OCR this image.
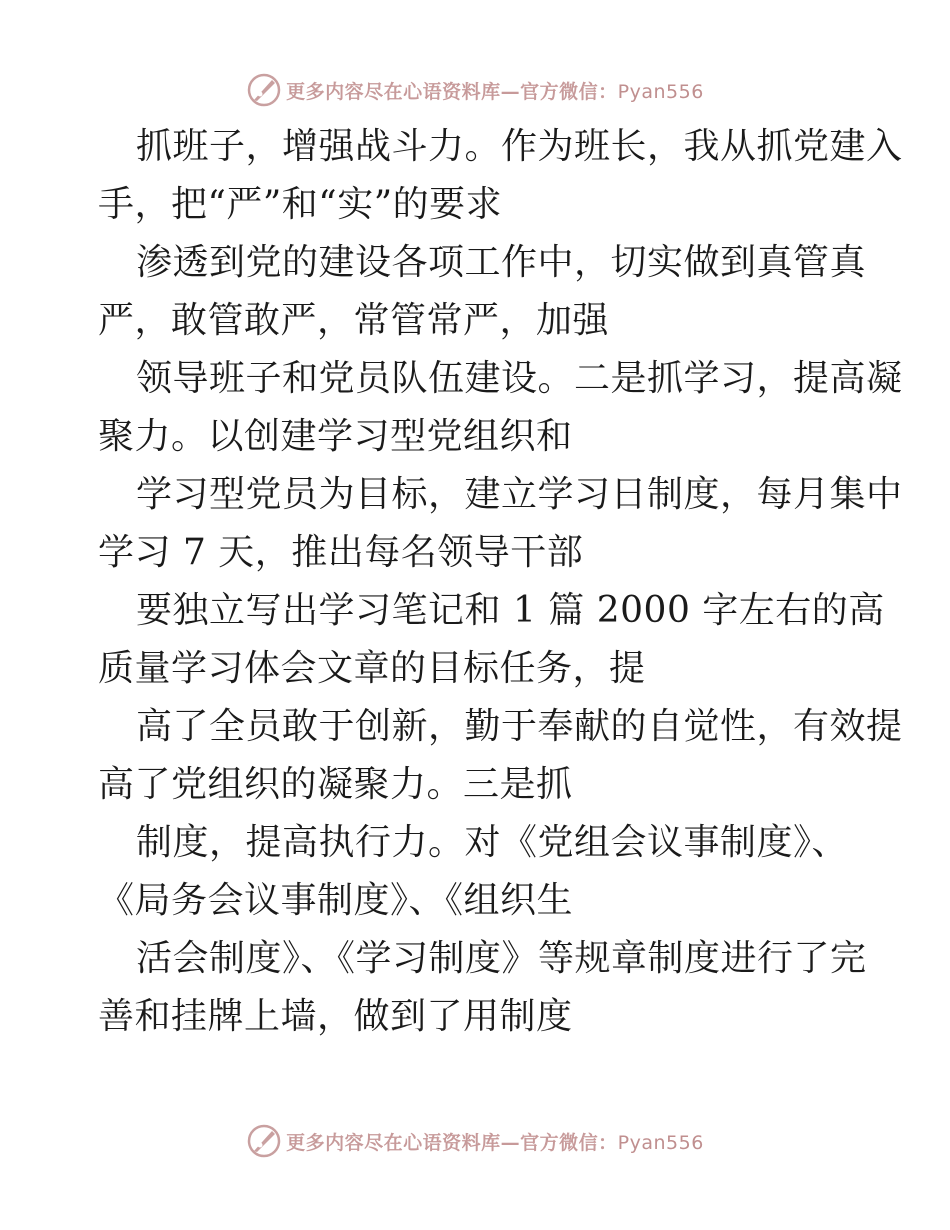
更多内容尽在心语资料库—官方微信：Pyan556
抓班子，增强战斗力。作为班长，我从抓党建入
手，把“严”和“实”的要求
渗透到党的建设各项工作中，切实做到真管真
严，敢管敢严，常管常严，加强
领导班子和党员队伍建设。二是抓学习，提高凝
聚力。以创建学习型党组织和
学习型党员为目标，建立学习日制度，每月集中
学习 7 天，推出每名领导干部
要独立写出学习笔记和 1 篇 2000 字左右的高
质量学习体会文章的目标任务，提
高了全员敢于创新，勤于奉献的自觉性，有效提
高了党组织的凝聚力。三是抓
制度，提高执行力。对《党组会议事制度》、
《局务会议事制度》、《组织生
活会制度》、《学习制度》等规章制度进行了完
善和挂牌上墙，做到了用制度
更多内容尽在心语资料库—官方微信：Pyan556
